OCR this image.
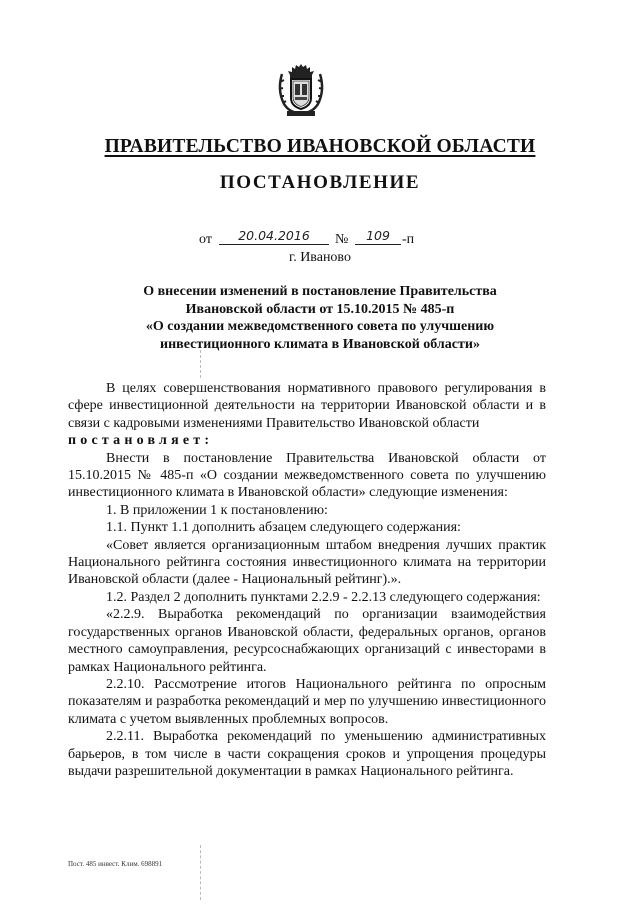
ПРАВИТЕЛЬСТВО ИВАНОВСКОЙ ОБЛАСТИ
ПОСТАНОВЛЕНИЕ
от	20.04.2016	№	109 -п
г. Иваново
О внесении изменений в постановление Правительства
Ивановской области от 15.10.2015 № 485-п
«О создании межведомственного совета по улучшению
инвестиционного климата в Ивановской области»

В целях совершенствования нормативного правового регулирования в сфере инвестиционной деятельности на территории Ивановской области и в связи с кадровыми изменениями Правительство Ивановской области

постановляет:

Внести в постановление Правительства Ивановской области от 15.10.2015 № 485-п «О создании межведомственного совета по улучшению инвестиционного климата в Ивановской области» следующие изменения:

1. В приложении 1 к постановлению:

1.1. Пункт 1.1 дополнить абзацем следующего содержания:

«Совет является организационным штабом внедрения лучших практик Национального рейтинга состояния инвестиционного климата на территории Ивановской области (далее - Национальный рейтинг).».

1.2. Раздел 2 дополнить пунктами 2.2.9 - 2.2.13 следующего содержания:

«2.2.9. Выработка рекомендаций по организации взаимодействия государственных органов Ивановской области, федеральных органов, органов местного самоуправления, ресурсоснабжающих организаций с инвесторами в рамках Национального рейтинга.

2.2.10. Рассмотрение итогов Национального рейтинга по опросным показателям и разработка рекомендаций и мер по улучшению инвестиционного климата с учетом выявленных проблемных вопросов.

2.2.11. Выработка рекомендаций по уменьшению административных барьеров, в том числе в части сокращения сроков и упрощения процедуры выдачи разрешительной документации в рамках Национального рейтинга.

Пост. 485 инвест. Клим. 698891
